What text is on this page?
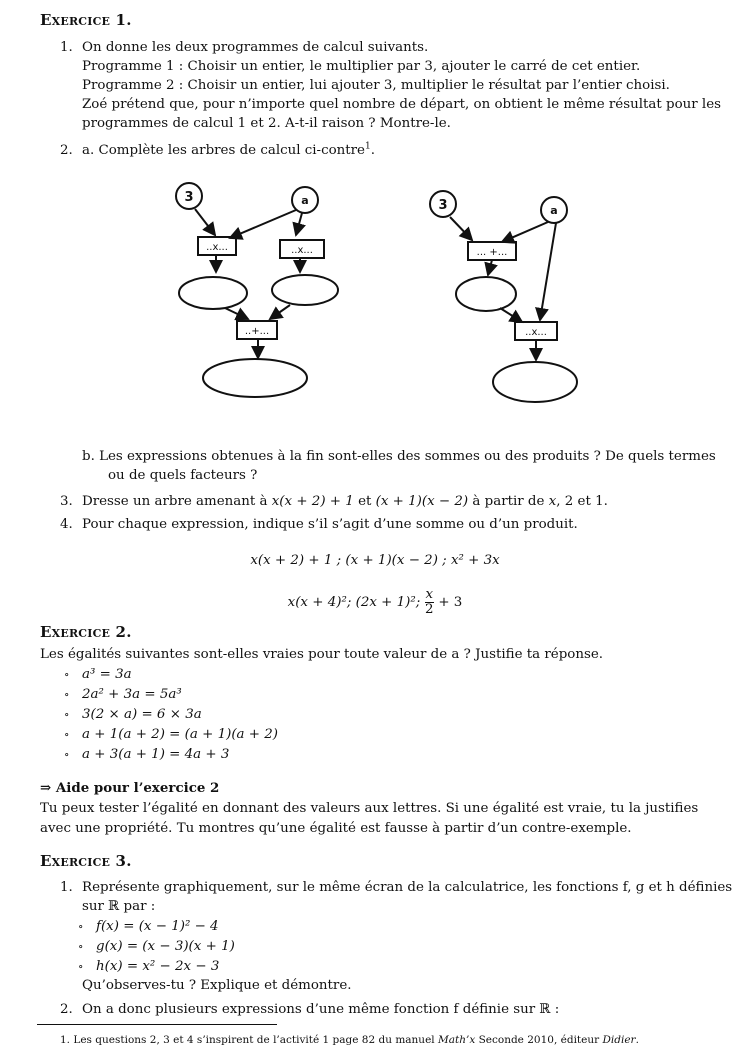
Exercice 1.
1. On donne les deux programmes de calcul suivants.
Programme 1 : Choisir un entier, le multiplier par 3, ajouter le carré de cet entier.
Programme 2 : Choisir un entier, lui ajouter 3, multiplier le résultat par l’entier choisi.
Zoé prétend que, pour n’importe quel nombre de départ, on obtient le même résultat pour les
programmes de calcul 1 et 2. A-t-il raison ? Montre-le.
2. a. Complète les arbres de calcul ci-contre$^1$.
3	a
..x...	..x...
..+...
3	a
... +...
..x...
b. Les expressions obtenues à la fin sont-elles des sommes ou des produits ? De quels termes
ou de quels facteurs ?
3. Dresse un arbre amenant à x(x + 2) + 1 et (x + 1)(x − 2) à partir de x, 2 et 1.
4. Pour chaque expression, indique s’il s’agit d’une somme ou d’un produit.
x(x + 2) + 1 ; (x + 1)(x − 2) ; x² + 3x
x(x + 4)²; (2x + 1)²; $\frac{x}{2} + 3$
Exercice 2.
Les égalités suivantes sont-elles vraies pour toute valeur de a ? Justifie ta réponse.
∘ a³ = 3a
∘ 2a² + 3a = 5a³
∘ 3(2 × a) = 6 × 3a
∘ a + 1(a + 2) = (a + 1)(a + 2)
∘ a + 3(a + 1) = 4a + 3
⇒ Aide pour l’exercice 2
Tu peux tester l’égalité en donnant des valeurs aux lettres. Si une égalité est vraie, tu la justifies
avec une propriété. Tu montres qu’une égalité est fausse à partir d’un contre-exemple.
Exercice 3.
1. Représente graphiquement, sur le même écran de la calculatrice, les fonctions f, g et h définies
sur ℝ par :
∘ f(x) = (x − 1)² − 4
∘ g(x) = (x − 3)(x + 1)
∘ h(x) = x² − 2x − 3
Qu’observes-tu ? Explique et démontre.
2. On a donc plusieurs expressions d’une même fonction f définie sur ℝ :
1. Les questions 2, 3 et 4 s’inspirent de l’activité 1 page 82 du manuel Math’x Seconde 2010, éditeur Didier.
